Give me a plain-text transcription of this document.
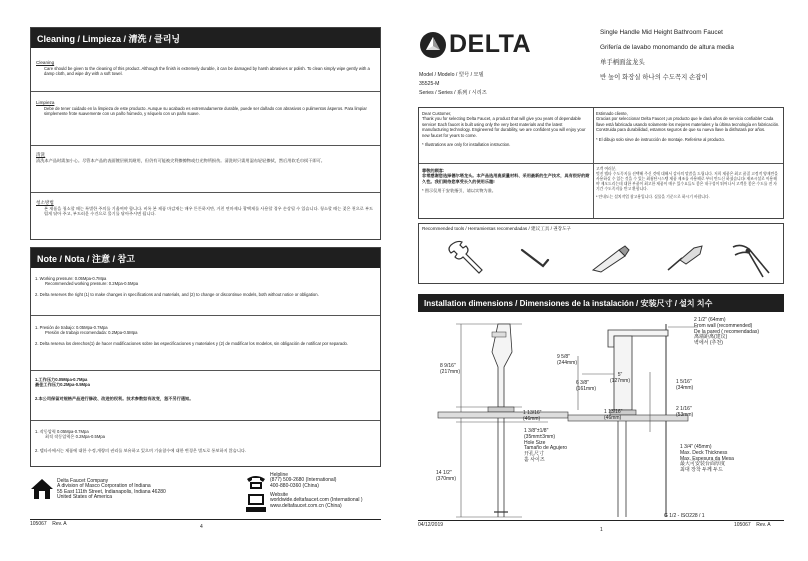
Cleaning / Limpieza / 清洗 / 클리닝
Cleaning
Care should be given to the cleaning of this product. Although the finish is extremely durable, it can be damaged by harsh abrasives or polish. To clean simply wipe gently with a damp cloth, and wipe dry with a soft towel.
Limpieza
Debe de tener cuidado en la limpieza de este producto. Aunque su acabado es extremadamente durable, puede ser dañado con abrasivos o pulimentos ásperos. Para limpiar simplemente frote suavemente con un paño húmedo, y séquelo con un paño suave.
清洗
清洗本产品时需加小心。尽管本产品的表面镀层极其耐用，但仍有可能被尖利擦擦物或打光物所损伤。清洗时只需用湿布轻轻擦拭，然后用软毛巾拭干即可。
청소방법
본 제품을 청소할 때는 특별한 주의를 기울여야 합니다. 비록 본 제품 마감재는 매우 튼튼하지만, 거친 연마제나 광택제를 사용할 경우 손상될 수 있습니다. 청소할 때는 젖은 천으로 부드럽게 닦아 주고, 부드러운 수건으로 물기를 닦아주시면 됩니다.
Note / Nota / 注意 / 참고
1. Working pressure: 0.05Mpa-0.7Mpa
Recommended working pressure: 0.2Mpa-0.5Mpa
2. Delta reserves the right (1) to make changes in specifications and materials, and (2) to change or discontinue models, both without notice or obligation.
1. Presión de trabajo: 0.05Mpa-0.7Mpa
Presión de trabajo recomendada: 0.2Mpa-0.5Mpa
2. Delta reserva los derechos(1) de hacer modificaciones sobre las especificaciones y materiales y (2) de modificar los modelos, sin obligación de notificar por separado.
1.工作压力0.05Mpa-0.7Mpa
最佳工作压力0.2Mpa-0.5Mpa
2.本公司保留对规格产品进行修改、改进的权利。技术参数如有改变，恕不另行通知。
1. 작동압력 0.05Mpa-0.7Mpa
최적 작동압력은 0.2Mpa-0.5Mpa
2. 델타사에서는 제품에 대한 수정,개량의 권리를 보유하고 있으며 기술참수에 대한 변경은 별도로 통보하지 않습니다.
Delta Faucet Company
A division of Masco Corporation of Indiana
55 East 111th Street, Indianapolis, Indiana 46280
United States of America
Helpline
(877) 509-2680 (International)
400-880-0360 (China)
Website
worldwide.deltafaucet.com (International )
www.deltafaucet.com.cn (China)
105067    Rev. A	4
DELTA	Single Handle Mid Height Bathroom Faucet
Grifería de lavabo monomando de altura media
单手柄面盆龙头
반 높이 화장실 하나의 수도꼭지 손잡이
Model / Modelo / 型号 / 모델
35525-M
Series / Series / 系列 / 시리즈
Dear Customer,
Thank you for selecting Delta Faucet, a product that will give you years of dependable service! Each faucet is built using only the very best materials and the latest manufacturing technology. Engineered for durability, we are confident you will enjoy your new faucet for years to come.
* Illustrations are only for installation instruction.
Estimado cliente,
Gracias por seleccionar Delta Faucet ¡un producto que le dará años de servicio confiable! Cada llave está fabricada usando solamente los mejores materiales y la última tecnología en fabricación. Construida para durabilidad, estamos seguros de que su nueva llave la disfrutará por años.
* El dibujo solo sirve de instrucción de montaje. Referirse al producto.
尊敬的顾客:
非常感谢您选择德尔塔龙头。本产品选用高质量材料、采用最新的生产技术，具有很好的耐久性。我们期待您享受长久的使用乐趣!
* 图示仅用于安装指引，请以实物为准。
고객 여러분,
멋진 델타 수도꼭지를 선택해 주신 것에 대해서 감사의 말씀을 드립니다. 저희 제품은 최고 품질 고정적 양재만을 사용하실 수 있는 것을 수 있는 최첨단시스템 제품 제조를 사용해로 부터 만드신 하셨습니다! 제조시설로 이용해야 제오드리는데 대한 부품이 최고한 제품이 매우 있수요들도 좋은 내구성이 뛰어나서 고객분 좋은 수도를 전 자 기간 수도꼭지를 반고 환합니다.
* 안내도는 설치작업 참고용입니다. 실물을 기준으로 하시기 바랍니다.
Recommended tools / Herramientas recomendadas / 建议工具 / 권장도구
Installation dimensions / Dimensiones de la instalación / 安装尺寸 / 설치 치수
8 9/16"
(217mm)
14 1/2"
(370mm)
1 13/16"
(46mm)
9 5/8"
(244mm)
6 3/8"
(161mm)
5"
(127mm)
1 13/16"
(46mm)
1 3/8"±1/8"
(35mm±3mm)
Hole Size
Tamaño de Agujero
开孔尺寸
홀 사이즈
2 1/2" (64mm)
From wall (recommended)
De la pared ( recomendadas)
离墙距离(建议)
벽에서 (추천)
1 5/16"
(34mm)
2 1/16"
(53mm)
1 3/4" (45mm)
Max. Deck Thickness
Max. Espesura da Mesa
最大可安装台面厚度
최대 장착 두께 두드
G 1/2 - ISO228 / 1
04/12/2019
1
105067    Rev. A
